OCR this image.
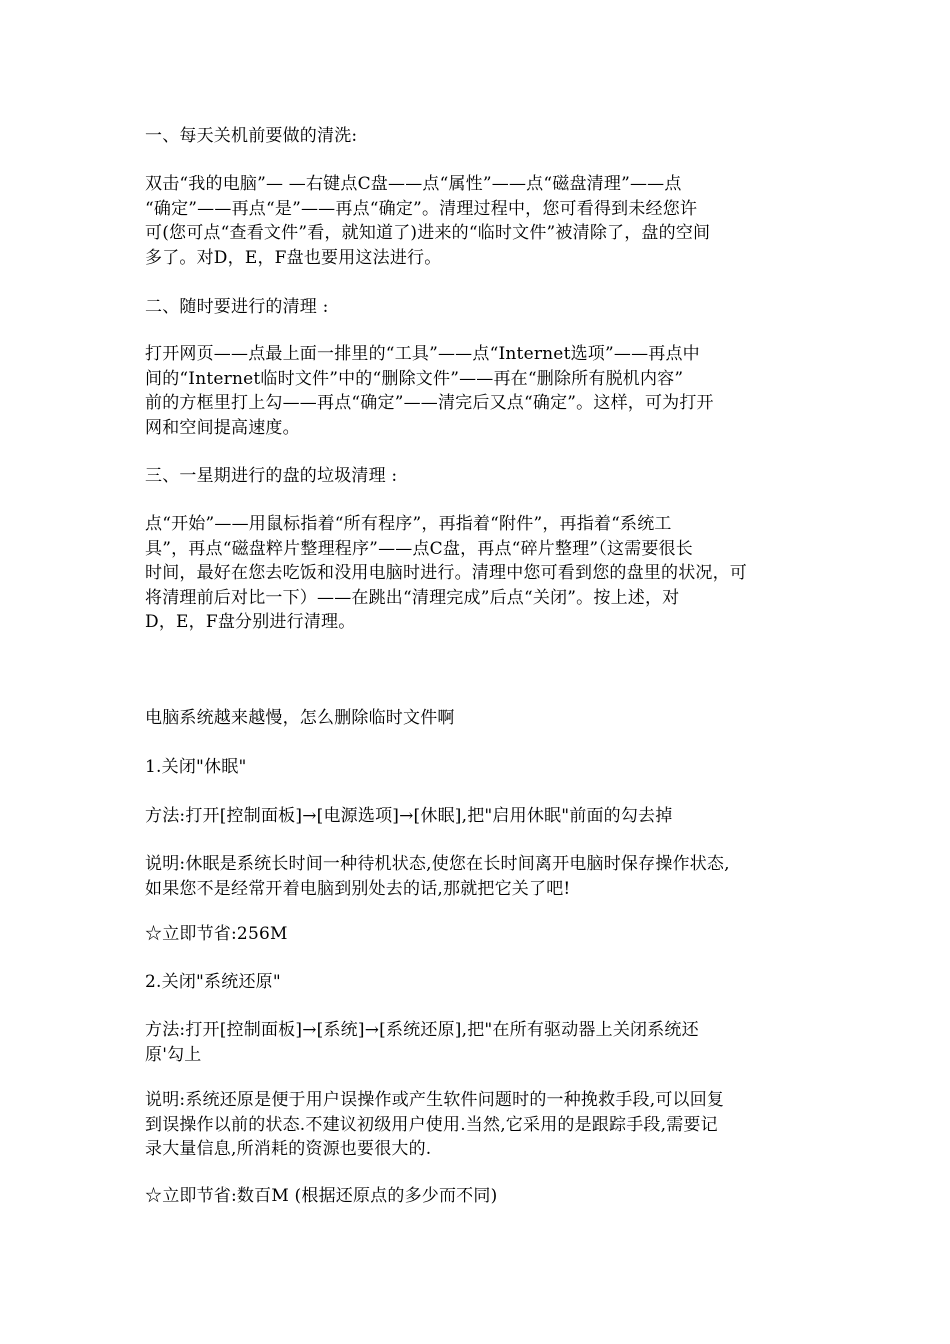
一、每天关机前要做的清洗:

双击“我的电脑”— —右键点C盘——点“属性”——点“磁盘清理”——点
“确定”——再点“是”——再点“确定”。清理过程中，您可看得到未经您许
可(您可点“查看文件”看，就知道了)进来的“临时文件”被清除了，盘的空间
多了。对D，E，F盘也要用这法进行。

二、随时要进行的清理 :

打开网页——点最上面一排里的“工具”——点“Internet选项”——再点中
间的“Internet临时文件”中的“删除文件”——再在“删除所有脱机内容”
前的方框里打上勾——再点“确定”——清完后又点“确定”。这样，可为打开
网和空间提高速度。

三、一星期进行的盘的垃圾清理 :

点“开始”——用鼠标指着“所有程序”，再指着“附件”，再指着“系统工
具”，再点“磁盘粹片整理程序”——点C盘，再点“碎片整理”（这需要很长
时间，最好在您去吃饭和没用电脑时进行。清理中您可看到您的盘里的状况，可
将清理前后对比一下）——在跳出“清理完成”后点“关闭”。按上述，对
D，E，F盘分别进行清理。

电脑系统越来越慢，怎么删除临时文件啊

1.关闭"休眠"

方法:打开[控制面板]→[电源选项]→[休眠],把"启用休眠"前面的勾去掉

说明:休眠是系统长时间一种待机状态,使您在长时间离开电脑时保存操作状态,
如果您不是经常开着电脑到别处去的话,那就把它关了吧!

☆立即节省:256M

2.关闭"系统还原"

方法:打开[控制面板]→[系统]→[系统还原],把"在所有驱动器上关闭系统还
原'勾上

说明:系统还原是便于用户误操作或产生软件问题时的一种挽救手段,可以回复
到误操作以前的状态.不建议初级用户使用.当然,它采用的是跟踪手段,需要记
录大量信息,所消耗的资源也要很大的.

☆立即节省:数百M (根据还原点的多少而不同)
